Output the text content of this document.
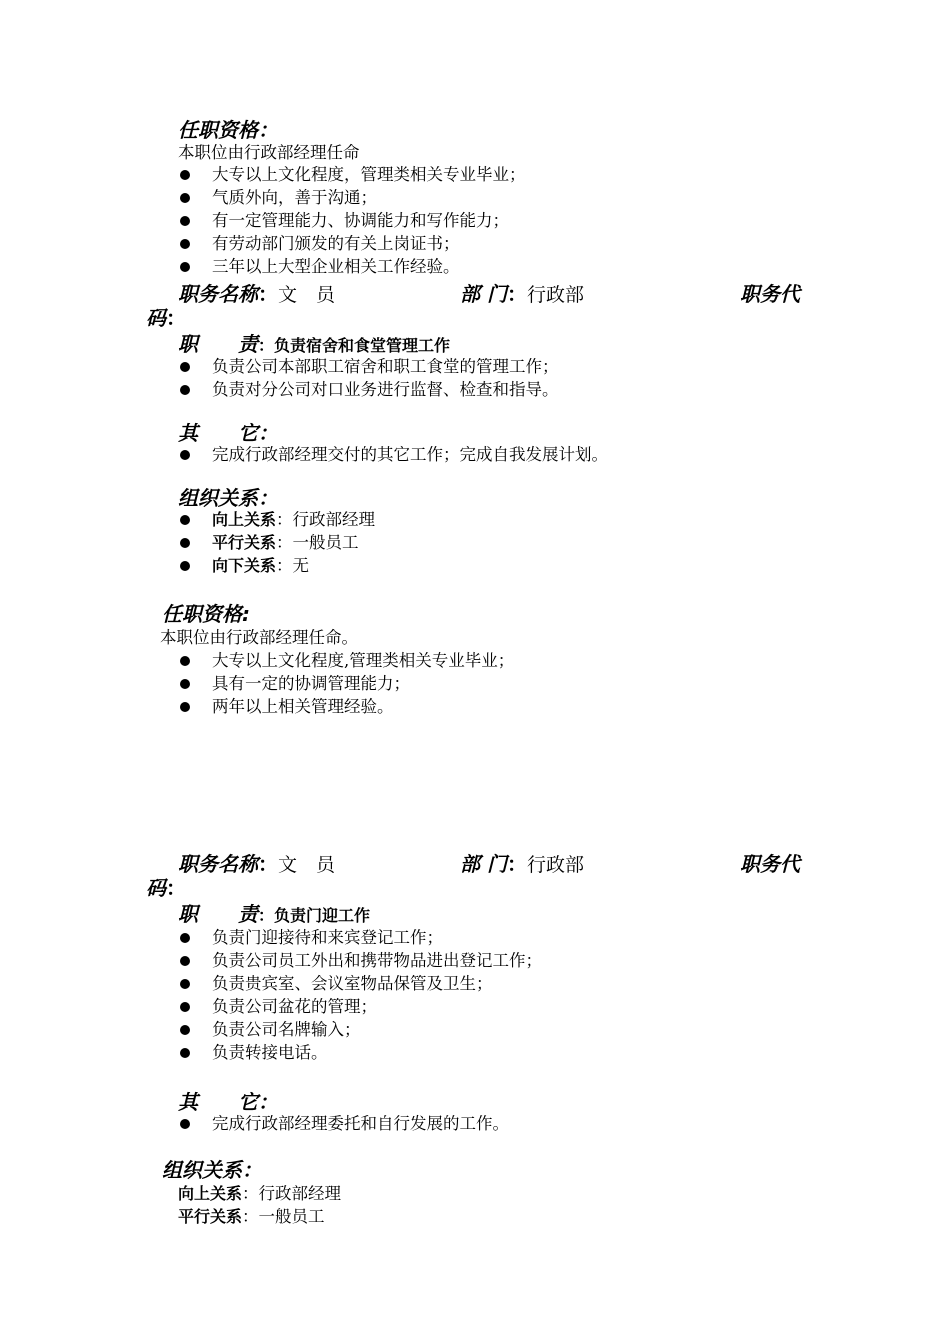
任职资格：
本职位由行政部经理任命
大专以上文化程度，管理类相关专业毕业；
气质外向，善于沟通；
有一定管理能力、协调能力和写作能力；
有劳动部门颁发的有关上岗证书；
三年以上大型企业相关工作经验。
职务名称：文　员	部 门：行政部	职务代
码：
职　　责：负责宿舍和食堂管理工作
负责公司本部职工宿舍和职工食堂的管理工作；
负责对分公司对口业务进行监督、检查和指导。
其　　它：
完成行政部经理交付的其它工作；完成自我发展计划。
组织关系：
向上关系：行政部经理
平行关系：一般员工
向下关系：无
任职资格:
本职位由行政部经理任命。
大专以上文化程度,管理类相关专业毕业；
具有一定的协调管理能力；
两年以上相关管理经验。
职务名称：文　员	部 门：行政部	职务代
码：
职　　责：负责门迎工作
负责门迎接待和来宾登记工作；
负责公司员工外出和携带物品进出登记工作；
负责贵宾室、会议室物品保管及卫生；
负责公司盆花的管理；
负责公司名牌输入；
负责转接电话。
其　　它：
完成行政部经理委托和自行发展的工作。
组织关系：
向上关系：行政部经理
平行关系：一般员工
